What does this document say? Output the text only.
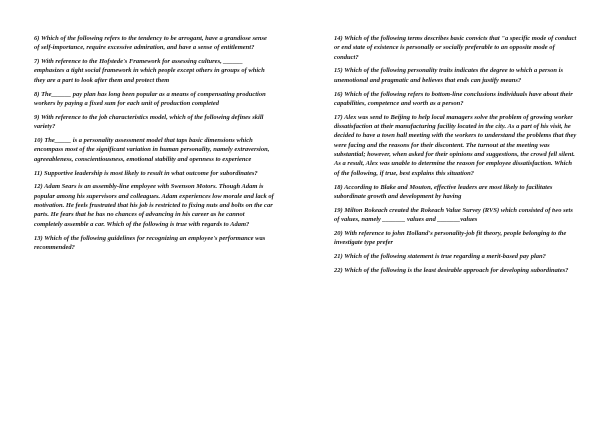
6) Which of the following refers to the tendency to be arrogant, have a grandiose sense of self-importance, require excessive admiration, and have a sense of entitlement?

7) With reference to the Hofstede's Framework for assessing cultures, ______ emphasizes a tight social framework in which people except others in groups of which they are a part to look after them and protect them

8) The______ pay plan has long been popular as a means of compensating production workers by paying a fixed sum for each unit of production completed

9) With reference to the job characteristics model, which of the following defines skill variety?

10) The_____ is a personality assessment model that taps basic dimensions which encompass most of the significant variation in human personality, namely extraversion, agreeableness, conscientiousness, emotional stability and openness to experience

11) Supportive leadership is most likely to result in what outcome for subordinates?

12) Adam Sears is an assembly-line employee with Swenson Motors. Though Adam is popular among his supervisors and colleagues. Adam experiences low morale and lack of motivation. He feels frustrated that his job is restricted to fixing nuts and bolts on the car parts. He fears that he has no chances of advancing in his career as he cannot completely assemble a car. Which of the following is true with regards to Adam?

13) Which of the following guidelines for recognizing an employee's performance was recommended?

14) Which of the following terms describes basic convicts that "a specific mode of conduct or end state of existence is personally or socially preferable to an opposite mode of conduct?

15) Which of the following personality traits indicates the degree to which a person is unemotional and pragmatic and believes that ends can justify means?

16) Which of the following refers to bottom-line conclusions individuals have about their capabilities, competence and worth as a person?

17) Alex was send to Beijing to help local managers solve the problem of growing worker dissatisfaction at their manufacturing facility located in the city. As a part of his visit, he decided to have a town hall meeting with the workers to understand the problems that they were facing and the reasons for their discontent. The turnout at the meeting was substantial; however, when asked for their opinions and suggestions, the crowd fell silent. As a result, Alex was unable to determine the reason for employee dissatisfaction. Which of the following, if true, best explains this situation?

18) According to Blake and Mouton, effective leaders are most likely to facilitates subordinate growth and development by having

19) Milton Rokeach created the Rokeach Value Survey (RVS) which consisted of two sets of values, namely _______ values and _______values

20) With reference to john Holland's personality-job fit theory, people belonging to the investigate type prefer

21) Which of the following statement is true regarding a merit-based pay plan?

22) Which of the following is the least desirable approach for developing subordinates?
